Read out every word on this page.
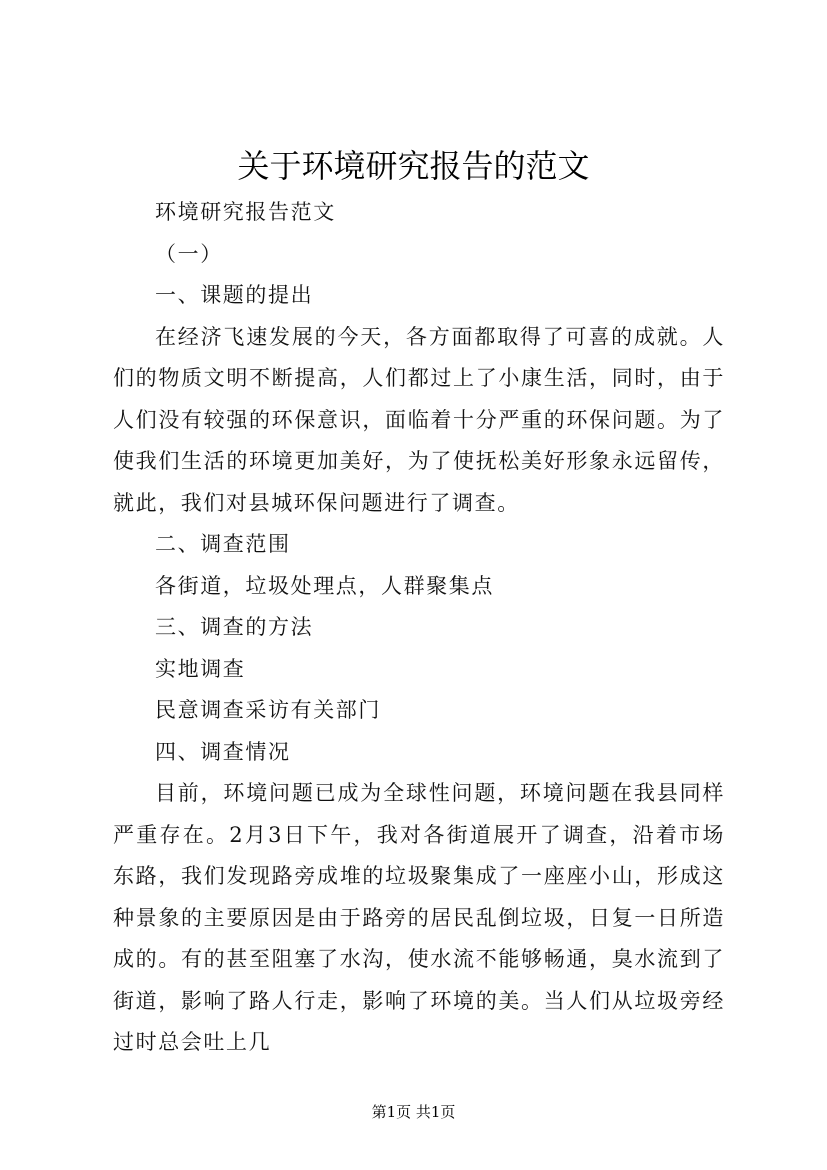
关于环境研究报告的范文

环境研究报告范文

（一）

一、课题的提出

在经济飞速发展的今天，各方面都取得了可喜的成就。人们的物质文明不断提高，人们都过上了小康生活，同时，由于人们没有较强的环保意识，面临着十分严重的环保问题。为了使我们生活的环境更加美好，为了使抚松美好形象永远留传，就此，我们对县城环保问题进行了调查。

二、调查范围

各街道，垃圾处理点，人群聚集点

三、调查的方法

实地调查

民意调查采访有关部门

四、调查情况

目前，环境问题已成为全球性问题，环境问题在我县同样严重存在。2月3日下午，我对各街道展开了调查，沿着市场东路，我们发现路旁成堆的垃圾聚集成了一座座小山，形成这种景象的主要原因是由于路旁的居民乱倒垃圾，日复一日所造成的。有的甚至阻塞了水沟，使水流不能够畅通，臭水流到了街道，影响了路人行走，影响了环境的美。当人们从垃圾旁经过时总会吐上几

第1页 共1页
